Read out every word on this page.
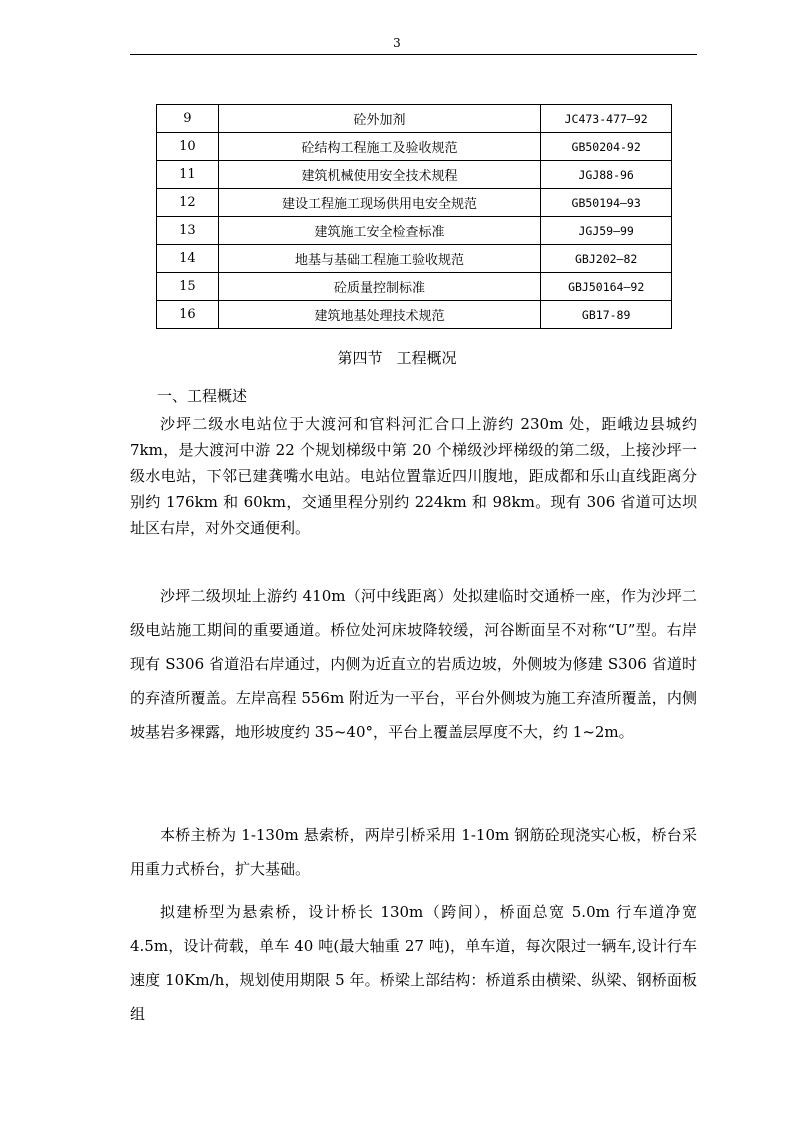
3
9	砼外加剂	JC473-477—92
10	砼结构工程施工及验收规范	GB50204-92
11	建筑机械使用安全技术规程	JGJ88-96
12	建设工程施工现场供用电安全规范	GB50194—93
13	建筑施工安全检查标准	JGJ59—99
14	地基与基础工程施工验收规范	GBJ202—82
15	砼质量控制标准	GBJ50164—92
16	建筑地基处理技术规范	GB17-89
第四节 工程概况
一、工程概述

沙坪二级水电站位于大渡河和官料河汇合口上游约 230m 处，距峨边县城约 7km，是大渡河中游 22 个规划梯级中第 20 个梯级沙坪梯级的第二级，上接沙坪一级水电站，下邻已建龚嘴水电站。电站位置靠近四川腹地，距成都和乐山直线距离分别约 176km 和 60km，交通里程分别约 224km 和 98km。现有 306 省道可达坝址区右岸，对外交通便利。

沙坪二级坝址上游约 410m（河中线距离）处拟建临时交通桥一座，作为沙坪二级电站施工期间的重要通道。桥位处河床坡降较缓，河谷断面呈不对称“U”型。右岸现有 S306 省道沿右岸通过，内侧为近直立的岩质边坡，外侧坡为修建 S306 省道时的弃渣所覆盖。左岸高程 556m 附近为一平台，平台外侧坡为施工弃渣所覆盖，内侧坡基岩多裸露，地形坡度约 35~40°，平台上覆盖层厚度不大，约 1~2m。

本桥主桥为 1-130m 悬索桥，两岸引桥采用 1-10m 钢筋砼现浇实心板，桥台采用重力式桥台，扩大基础。

拟建桥型为悬索桥，设计桥长 130m（跨间），桥面总宽 5.0m 行车道净宽 4.5m，设计荷载，单车 40 吨(最大轴重 27 吨)，单车道，每次限过一辆车,设计行车速度 10Km/h，规划使用期限 5 年。桥梁上部结构：桥道系由横梁、纵梁、钢桥面板组
